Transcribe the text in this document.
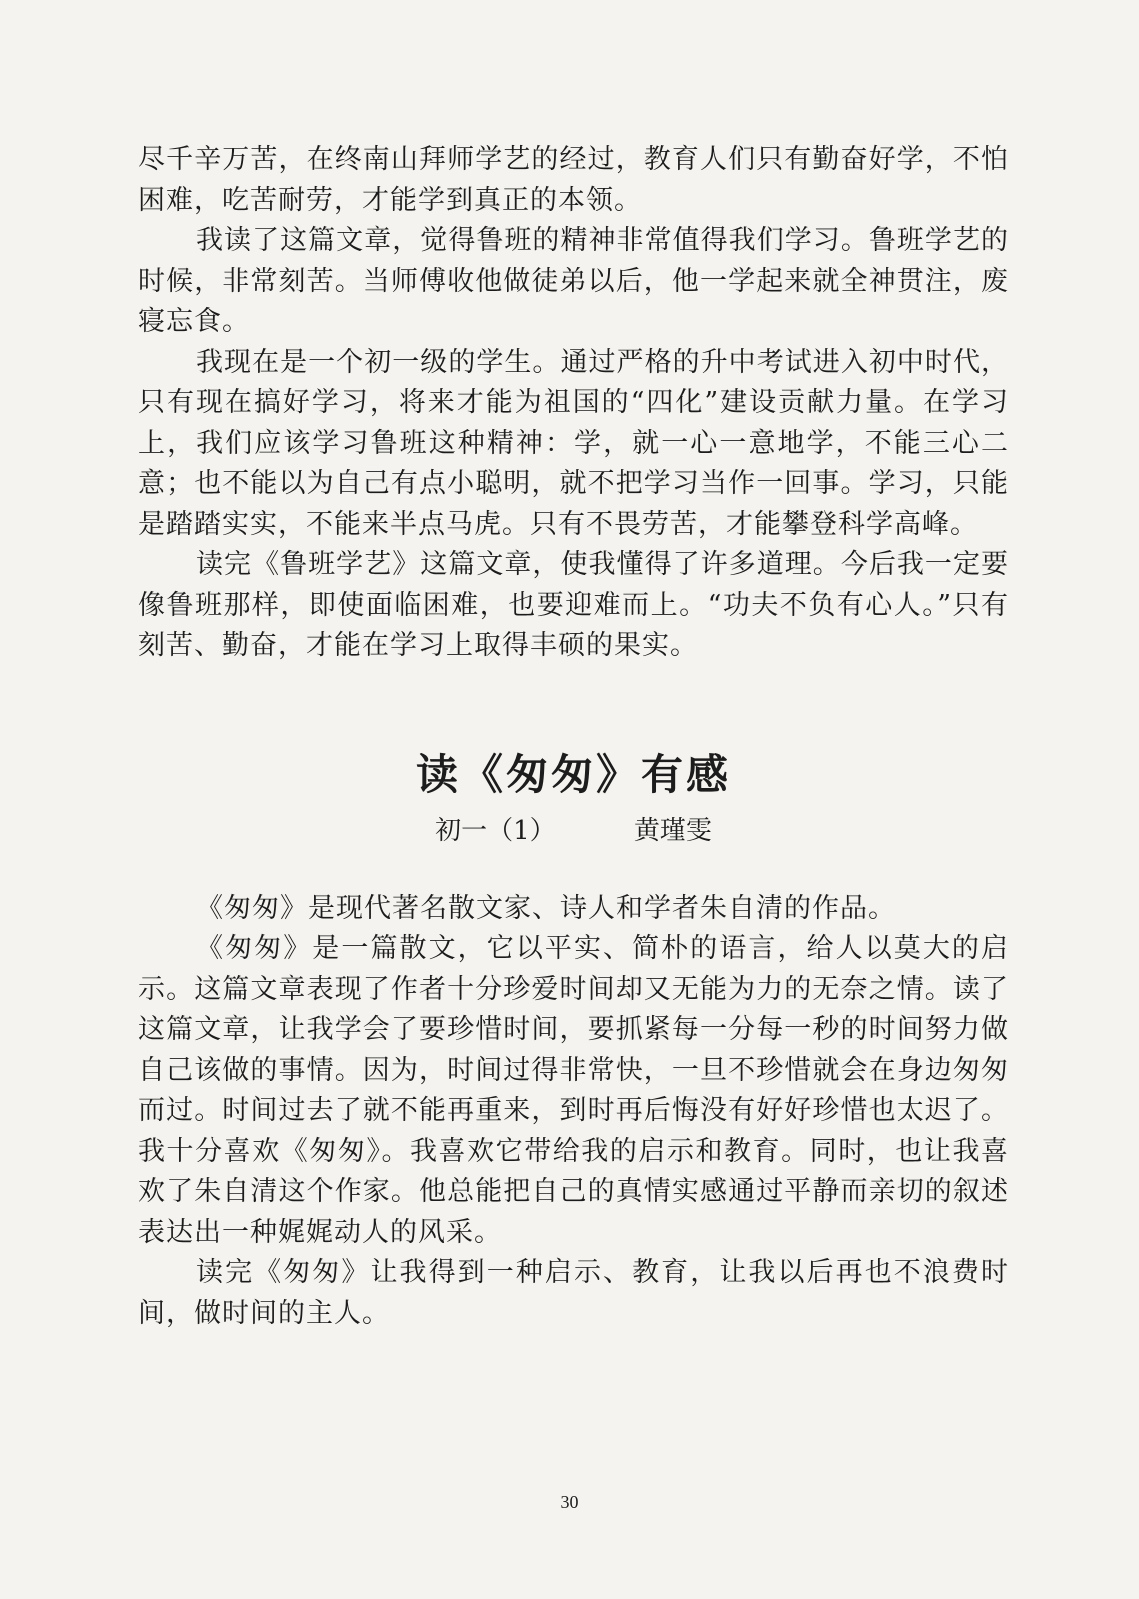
尽千辛万苦，在终南山拜师学艺的经过，教育人们只有勤奋好学，不怕困难，吃苦耐劳，才能学到真正的本领。

我读了这篇文章，觉得鲁班的精神非常值得我们学习。鲁班学艺的时候，非常刻苦。当师傅收他做徒弟以后，他一学起来就全神贯注，废寝忘食。

我现在是一个初一级的学生。通过严格的升中考试进入初中时代，只有现在搞好学习，将来才能为祖国的“四化”建设贡献力量。在学习上，我们应该学习鲁班这种精神：学，就一心一意地学，不能三心二意；也不能以为自己有点小聪明，就不把学习当作一回事。学习，只能是踏踏实实，不能来半点马虎。只有不畏劳苦，才能攀登科学高峰。

读完《鲁班学艺》这篇文章，使我懂得了许多道理。今后我一定要像鲁班那样，即使面临困难，也要迎难而上。“功夫不负有心人。”只有刻苦、勤奋，才能在学习上取得丰硕的果实。

读《匆匆》有感
初一（1）	黄瑾雯

《匆匆》是现代著名散文家、诗人和学者朱自清的作品。

《匆匆》是一篇散文，它以平实、简朴的语言，给人以莫大的启示。这篇文章表现了作者十分珍爱时间却又无能为力的无奈之情。读了这篇文章，让我学会了要珍惜时间，要抓紧每一分每一秒的时间努力做自己该做的事情。因为，时间过得非常快，一旦不珍惜就会在身边匆匆而过。时间过去了就不能再重来，到时再后悔没有好好珍惜也太迟了。我十分喜欢《匆匆》。我喜欢它带给我的启示和教育。同时，也让我喜欢了朱自清这个作家。他总能把自己的真情实感通过平静而亲切的叙述表达出一种娓娓动人的风采。

读完《匆匆》让我得到一种启示、教育，让我以后再也不浪费时间，做时间的主人。

30
